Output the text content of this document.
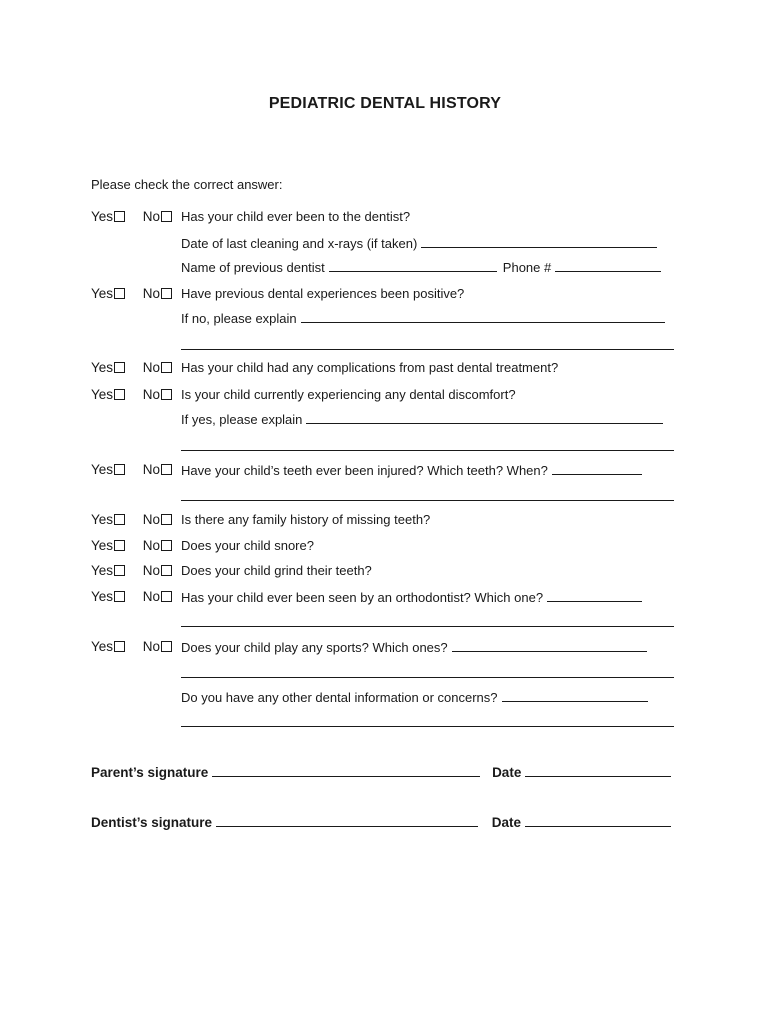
PEDIATRIC DENTAL HISTORY
Please check the correct answer:
Yes No	Has your child ever been to the dentist?
Date of last cleaning and x-rays (if taken)
Name of previous dentist	Phone #
Yes No	Have previous dental experiences been positive?
If no, please explain
Yes No	Has your child had any complications from past dental treatment?
Yes No	Is your child currently experiencing any dental discomfort?
If yes, please explain
Yes No	Have your child’s teeth ever been injured? Which teeth? When?
Yes No	Is there any family history of missing teeth?
Yes No	Does your child snore?
Yes No	Does your child grind their teeth?
Yes No	Has your child ever been seen by an orthodontist? Which one?
Yes No	Does your child play any sports? Which ones?
Do you have any other dental information or concerns?
Parent’s signature	Date
Dentist’s signature	Date
